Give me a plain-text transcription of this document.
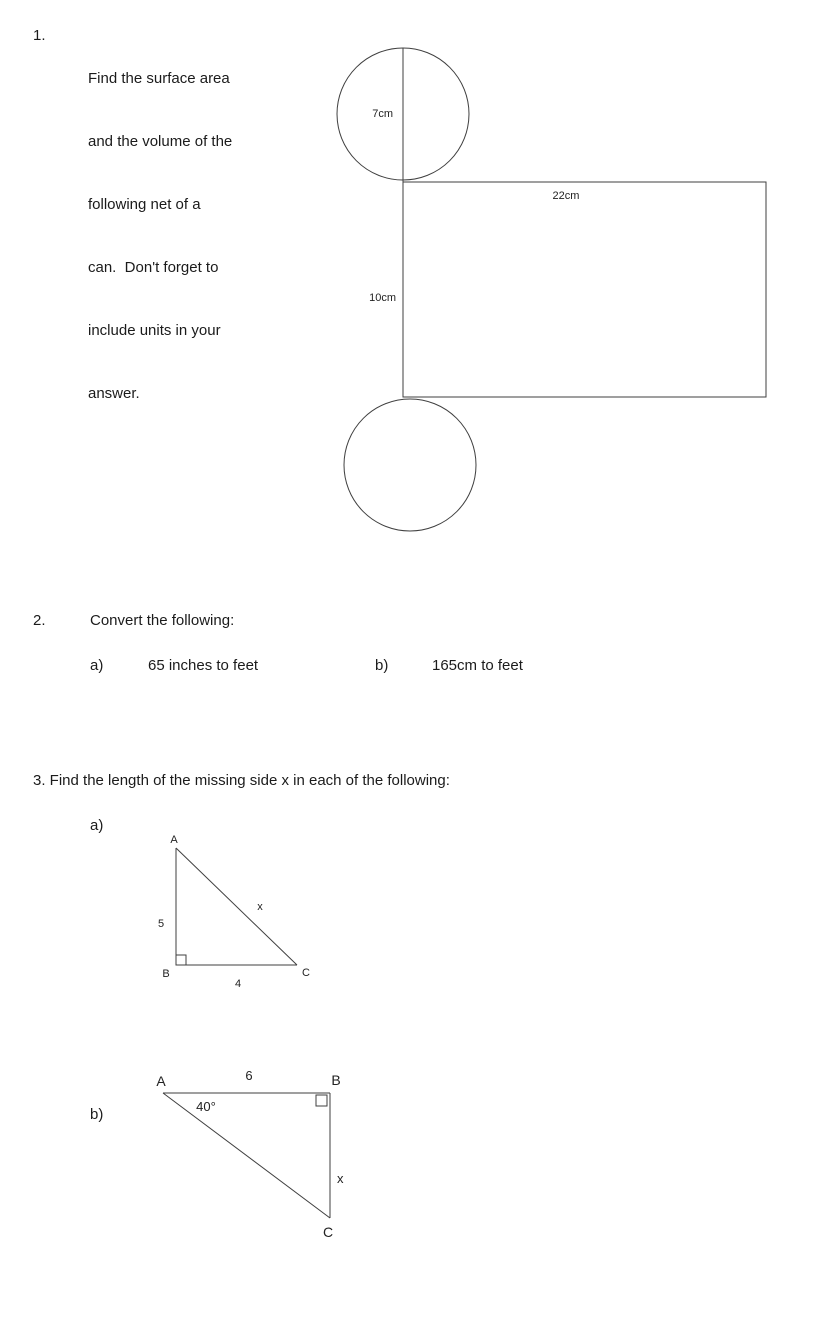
1.

Find the surface area

and the volume of the

following net of a

can.  Don't forget to

include units in your

answer.

7cm
22cm
10cm
2.	Convert the following:
a)	65 inches to feet	b)	165cm to feet
3. Find the length of the missing side x in each of the following:
a)
A
B	C
5
4
x
b)
A	B
C
6
40°
x
